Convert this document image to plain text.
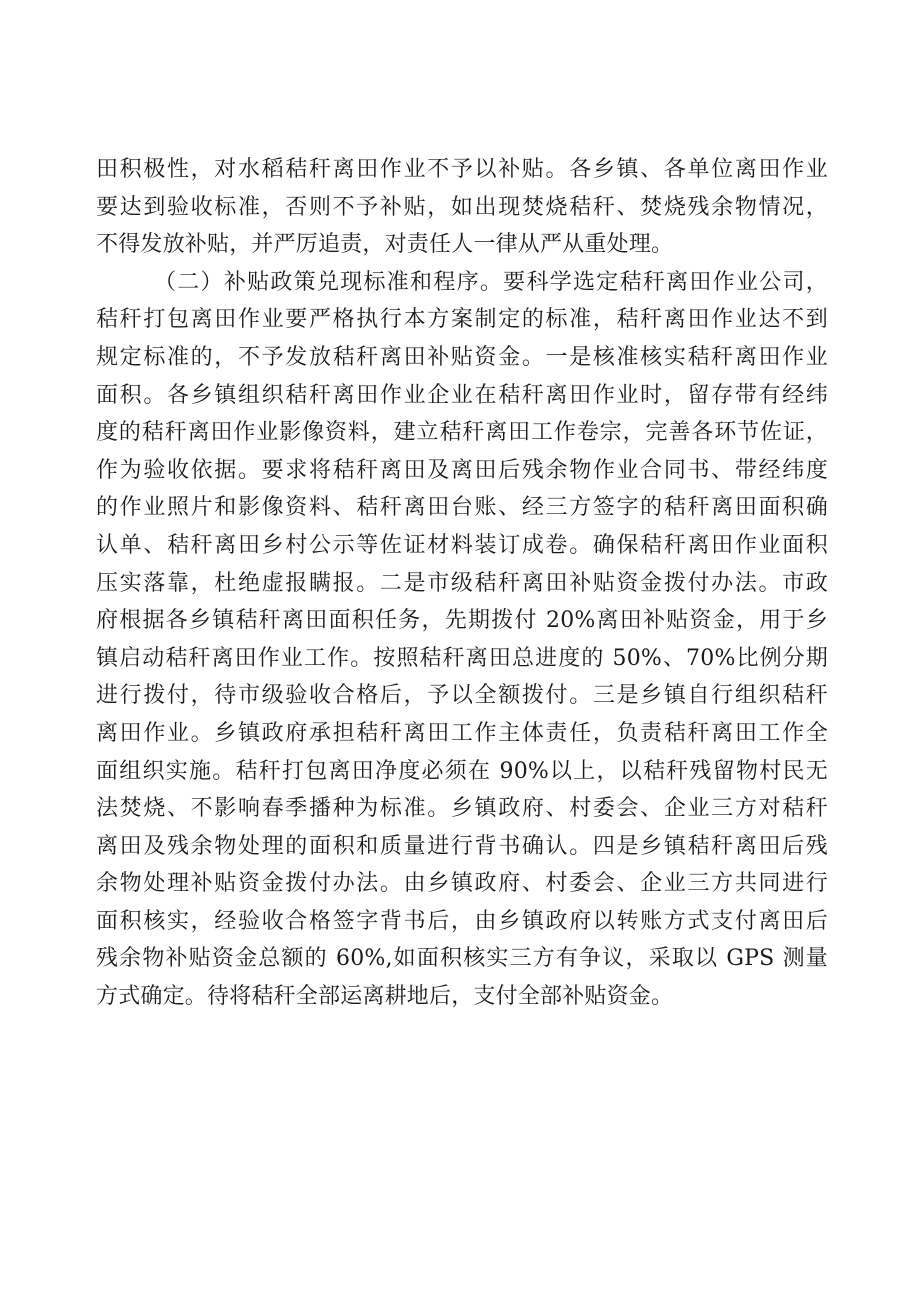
田积极性，对水稻秸秆离田作业不予以补贴。各乡镇、各单位离田作业
要达到验收标准，否则不予补贴，如出现焚烧秸秆、焚烧残余物情况，
不得发放补贴，并严厉追责，对责任人一律从严从重处理。
（二）补贴政策兑现标准和程序。要科学选定秸秆离田作业公司，
秸秆打包离田作业要严格执行本方案制定的标准，秸秆离田作业达不到
规定标准的，不予发放秸秆离田补贴资金。一是核准核实秸秆离田作业
面积。各乡镇组织秸秆离田作业企业在秸秆离田作业时，留存带有经纬
度的秸秆离田作业影像资料，建立秸秆离田工作卷宗，完善各环节佐证，
作为验收依据。要求将秸秆离田及离田后残余物作业合同书、带经纬度
的作业照片和影像资料、秸秆离田台账、经三方签字的秸秆离田面积确
认单、秸秆离田乡村公示等佐证材料装订成卷。确保秸秆离田作业面积
压实落靠，杜绝虚报瞒报。二是市级秸秆离田补贴资金拨付办法。市政
府根据各乡镇秸秆离田面积任务，先期拨付 20%离田补贴资金，用于乡
镇启动秸秆离田作业工作。按照秸秆离田总进度的 50%、70%比例分期
进行拨付，待市级验收合格后，予以全额拨付。三是乡镇自行组织秸秆
离田作业。乡镇政府承担秸秆离田工作主体责任，负责秸秆离田工作全
面组织实施。秸秆打包离田净度必须在 90%以上，以秸秆残留物村民无
法焚烧、不影响春季播种为标准。乡镇政府、村委会、企业三方对秸秆
离田及残余物处理的面积和质量进行背书确认。四是乡镇秸秆离田后残
余物处理补贴资金拨付办法。由乡镇政府、村委会、企业三方共同进行
面积核实，经验收合格签字背书后，由乡镇政府以转账方式支付离田后
残余物补贴资金总额的 60%,如面积核实三方有争议，采取以 GPS 测量
方式确定。待将秸秆全部运离耕地后，支付全部补贴资金。
